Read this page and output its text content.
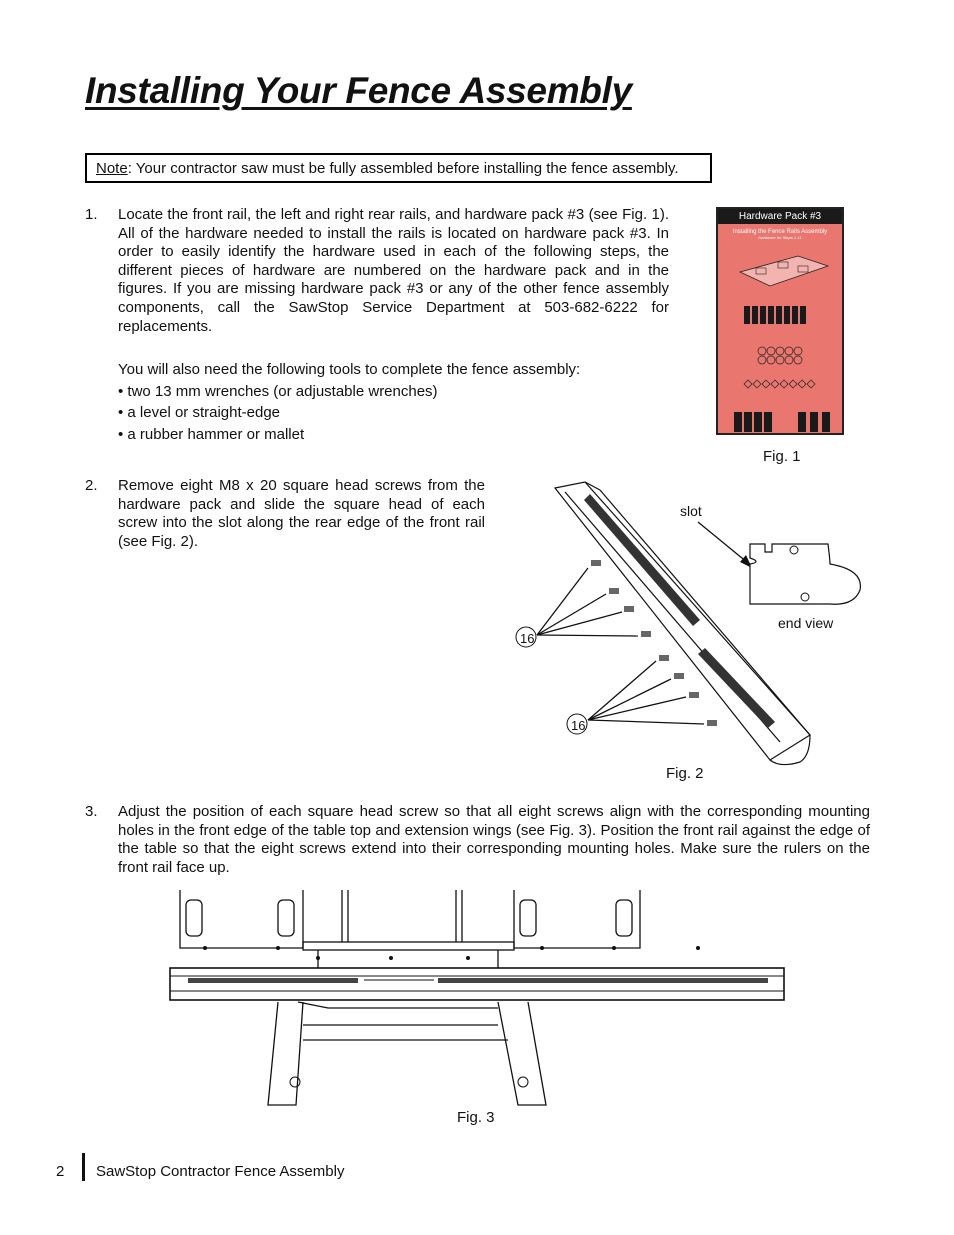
Installing Your Fence Assembly
Note: Your contractor saw must be fully assembled before installing the fence assembly.
1. Locate the front rail, the left and right rear rails, and hardware pack #3 (see Fig. 1). All of the hardware needed to install the rails is located on hardware pack #3. In order to easily identify the hardware used in each of the following steps, the different pieces of hardware are numbered on the hardware pack and in the figures. If you are missing hardware pack #3 or any of the other fence assembly components, call the SawStop Service Department at 503-682-6222 for replacements.
You will also need the following tools to complete the fence assembly:
• two 13 mm wrenches (or adjustable wrenches)
• a level or straight-edge
• a rubber hammer or mallet
Hardware Pack #3
Installing the Fence Rails Assembly
Hardware for Steps 1-11
Fig. 1
2. Remove eight M8 x 20 square head screws from the hardware pack and slide the square head of each screw into the slot along the rear edge of the front rail (see Fig. 2).
16
16
slot
end view
Fig. 2
3. Adjust the position of each square head screw so that all eight screws align with the corresponding mounting holes in the front edge of the table top and extension wings (see Fig. 3). Position the front rail against the edge of the table so that the eight screws extend into their corresponding mounting holes. Make sure the rulers on the front rail face up.
Fig. 3
2 SawStop Contractor Fence Assembly
